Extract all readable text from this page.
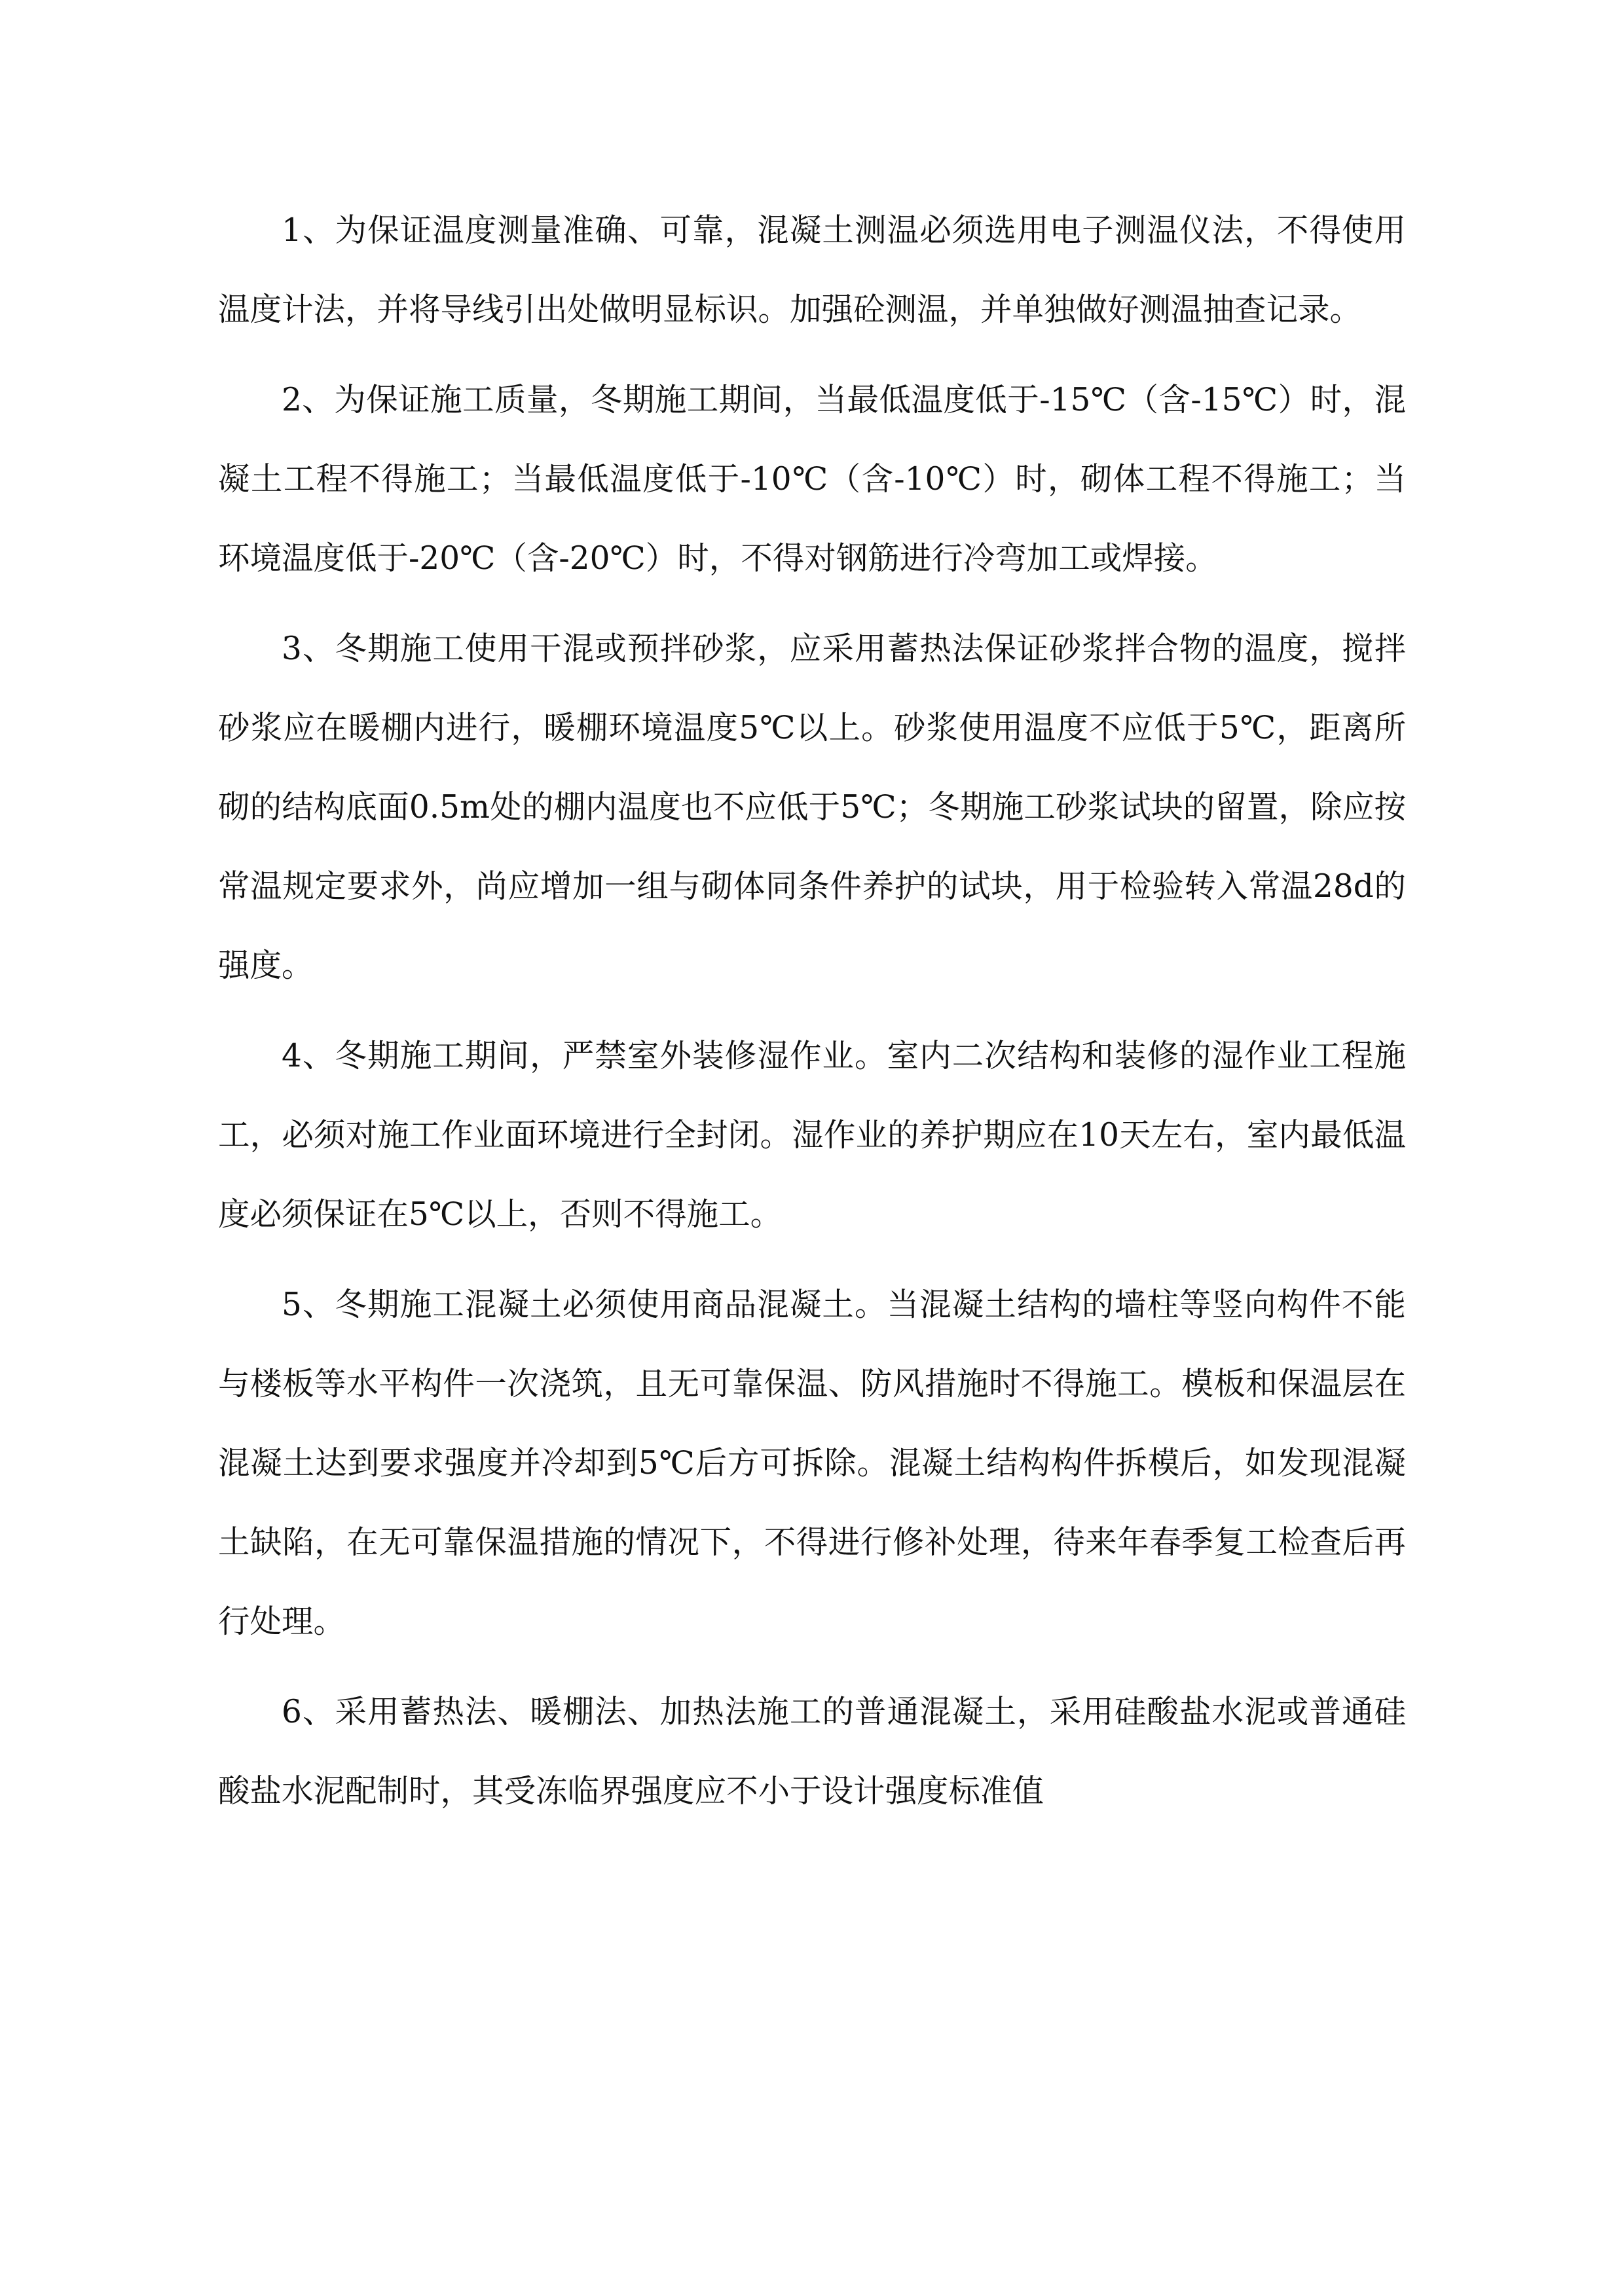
1、为保证温度测量准确、可靠，混凝土测温必须选用电子测温仪法，不得使用温度计法，并将导线引出处做明显标识。加强砼测温，并单独做好测温抽查记录。

2、为保证施工质量，冬期施工期间，当最低温度低于-15℃（含-15℃）时，混凝土工程不得施工；当最低温度低于-10℃（含-10℃）时，砌体工程不得施工；当环境温度低于-20℃（含-20℃）时，不得对钢筋进行冷弯加工或焊接。

3、冬期施工使用干混或预拌砂浆，应采用蓄热法保证砂浆拌合物的温度，搅拌砂浆应在暖棚内进行，暖棚环境温度5℃以上。砂浆使用温度不应低于5℃，距离所砌的结构底面0.5m处的棚内温度也不应低于5℃；冬期施工砂浆试块的留置，除应按常温规定要求外，尚应增加一组与砌体同条件养护的试块，用于检验转入常温28d的强度。

4、冬期施工期间，严禁室外装修湿作业。室内二次结构和装修的湿作业工程施工，必须对施工作业面环境进行全封闭。湿作业的养护期应在10天左右，室内最低温度必须保证在5℃以上，否则不得施工。

5、冬期施工混凝土必须使用商品混凝土。当混凝土结构的墙柱等竖向构件不能与楼板等水平构件一次浇筑，且无可靠保温、防风措施时不得施工。模板和保温层在混凝土达到要求强度并冷却到5℃后方可拆除。混凝土结构构件拆模后，如发现混凝土缺陷，在无可靠保温措施的情况下，不得进行修补处理，待来年春季复工检查后再行处理。

6、采用蓄热法、暖棚法、加热法施工的普通混凝土，采用硅酸盐水泥或普通硅酸盐水泥配制时，其受冻临界强度应不小于设计强度标准值
